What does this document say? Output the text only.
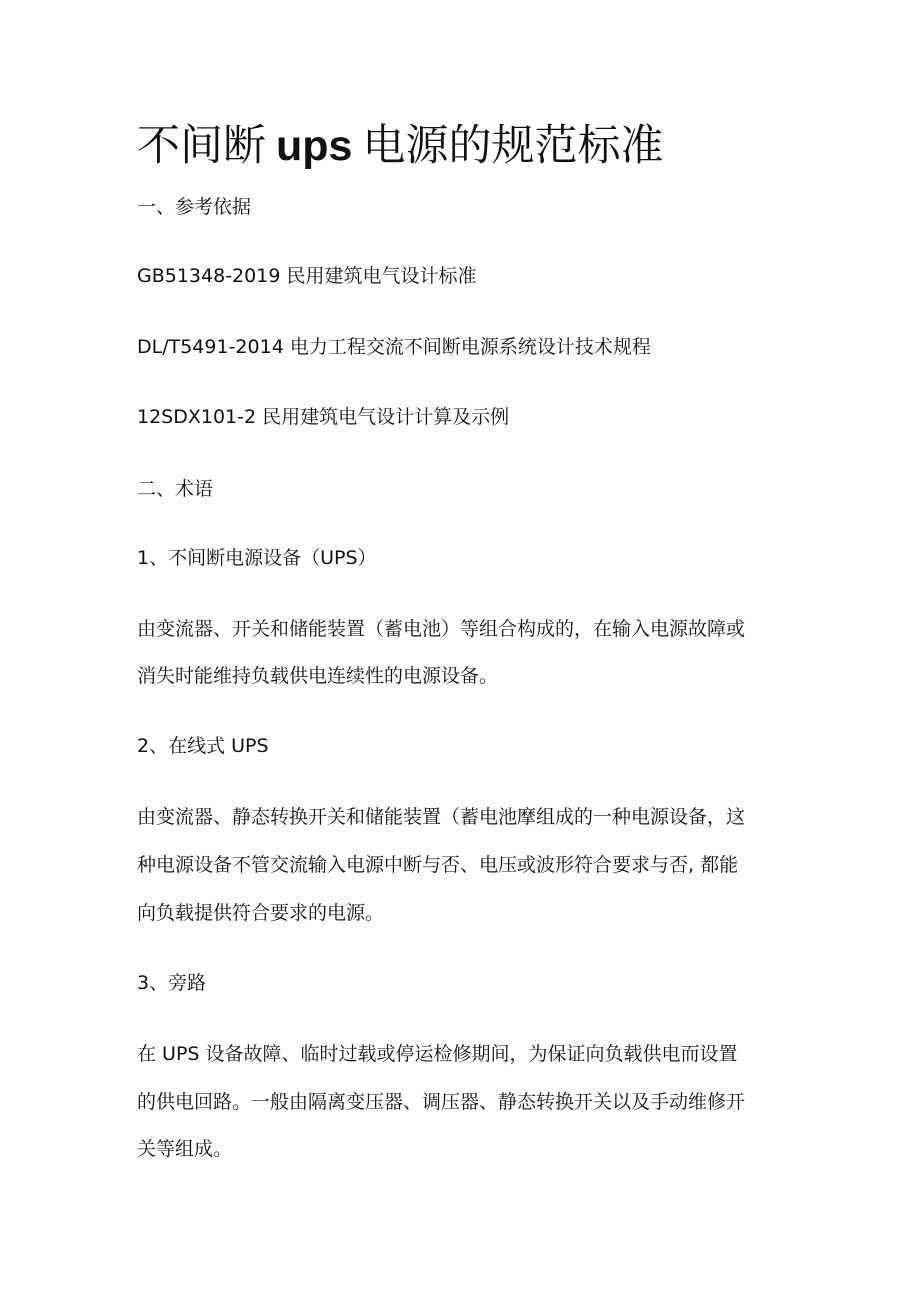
不间断 ups 电源的规范标准
一、参考依据
GB51348-2019 民用建筑电气设计标准
DL/T5491-2014 电力工程交流不间断电源系统设计技术规程
12SDX101-2 民用建筑电气设计计算及示例
二、术语
1、不间断电源设备（UPS）
由变流器、开关和储能装置（蓄电池）等组合构成的，在输入电源故障或
消失时能维持负载供电连续性的电源设备。
2、在线式 UPS
由变流器、静态转换开关和储能装置（蓄电池摩组成的一种电源设备，这
种电源设备不管交流输入电源中断与否、电压或波形符合要求与否, 都能
向负载提供符合要求的电源。
3、旁路
在 UPS 设备故障、临时过载或停运检修期间，为保证向负载供电而设置
的供电回路。一般由隔离变压器、调压器、静态转换开关以及手动维修开
关等组成。
